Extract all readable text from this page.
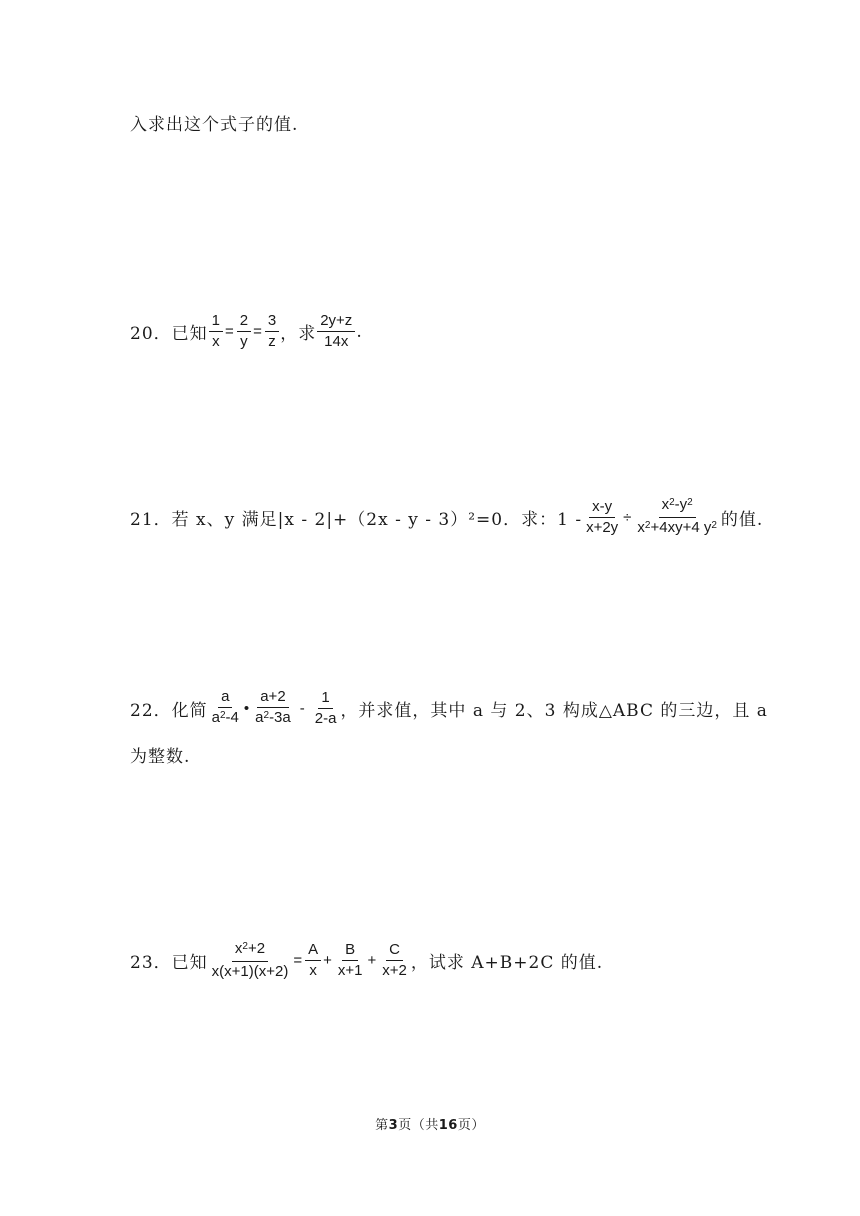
入求出这个式子的值.
20． 已知 $\frac{1}{x} = \frac{2}{y} = \frac{3}{z}$ ，求 $\frac{2y+z}{14x}$ .
21． 若 x、y 满足|x - 2|+（2x - y - 3）²=0．求：$1 - \frac{x-y}{x+2y} \div \frac{x^2-y^2}{x^2+4xy+4 y^2}$ 的值.
22． 化简 $\frac{a}{a^2-4}$ • $\frac{a+2}{a^2-3a} - \frac{1}{2-a}$ ，并求值，其中 a 与 2、3 构成△ABC 的三边，且 a
为整数.
23． 已知 $\frac{x^2+2}{x(x+1)(x+2)} = \frac{A}{x} + \frac{B}{x+1} + \frac{C}{x+2}$ ，试求 A+B+2C 的值.
第3页（共16页）
